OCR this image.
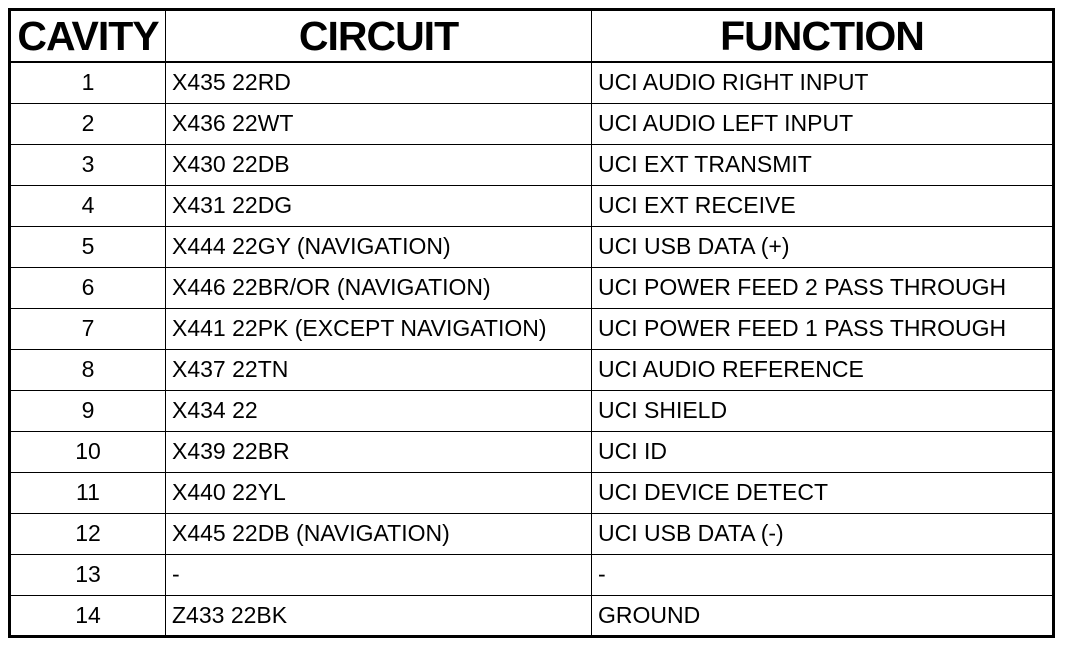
CAVITY	CIRCUIT	FUNCTION
1	X435 22RD	UCI AUDIO RIGHT INPUT
2	X436 22WT	UCI AUDIO LEFT INPUT
3	X430 22DB	UCI EXT TRANSMIT
4	X431 22DG	UCI EXT RECEIVE
5	X444 22GY (NAVIGATION)	UCI USB DATA (+)
6	X446 22BR/OR (NAVIGATION)	UCI POWER FEED 2 PASS THROUGH
7	X441 22PK (EXCEPT NAVIGATION)	UCI POWER FEED 1 PASS THROUGH
8	X437 22TN	UCI AUDIO REFERENCE
9	X434 22	UCI SHIELD
10	X439 22BR	UCI ID
11	X440 22YL	UCI DEVICE DETECT
12	X445 22DB (NAVIGATION)	UCI USB DATA (-)
13	-	-
14	Z433 22BK	GROUND
